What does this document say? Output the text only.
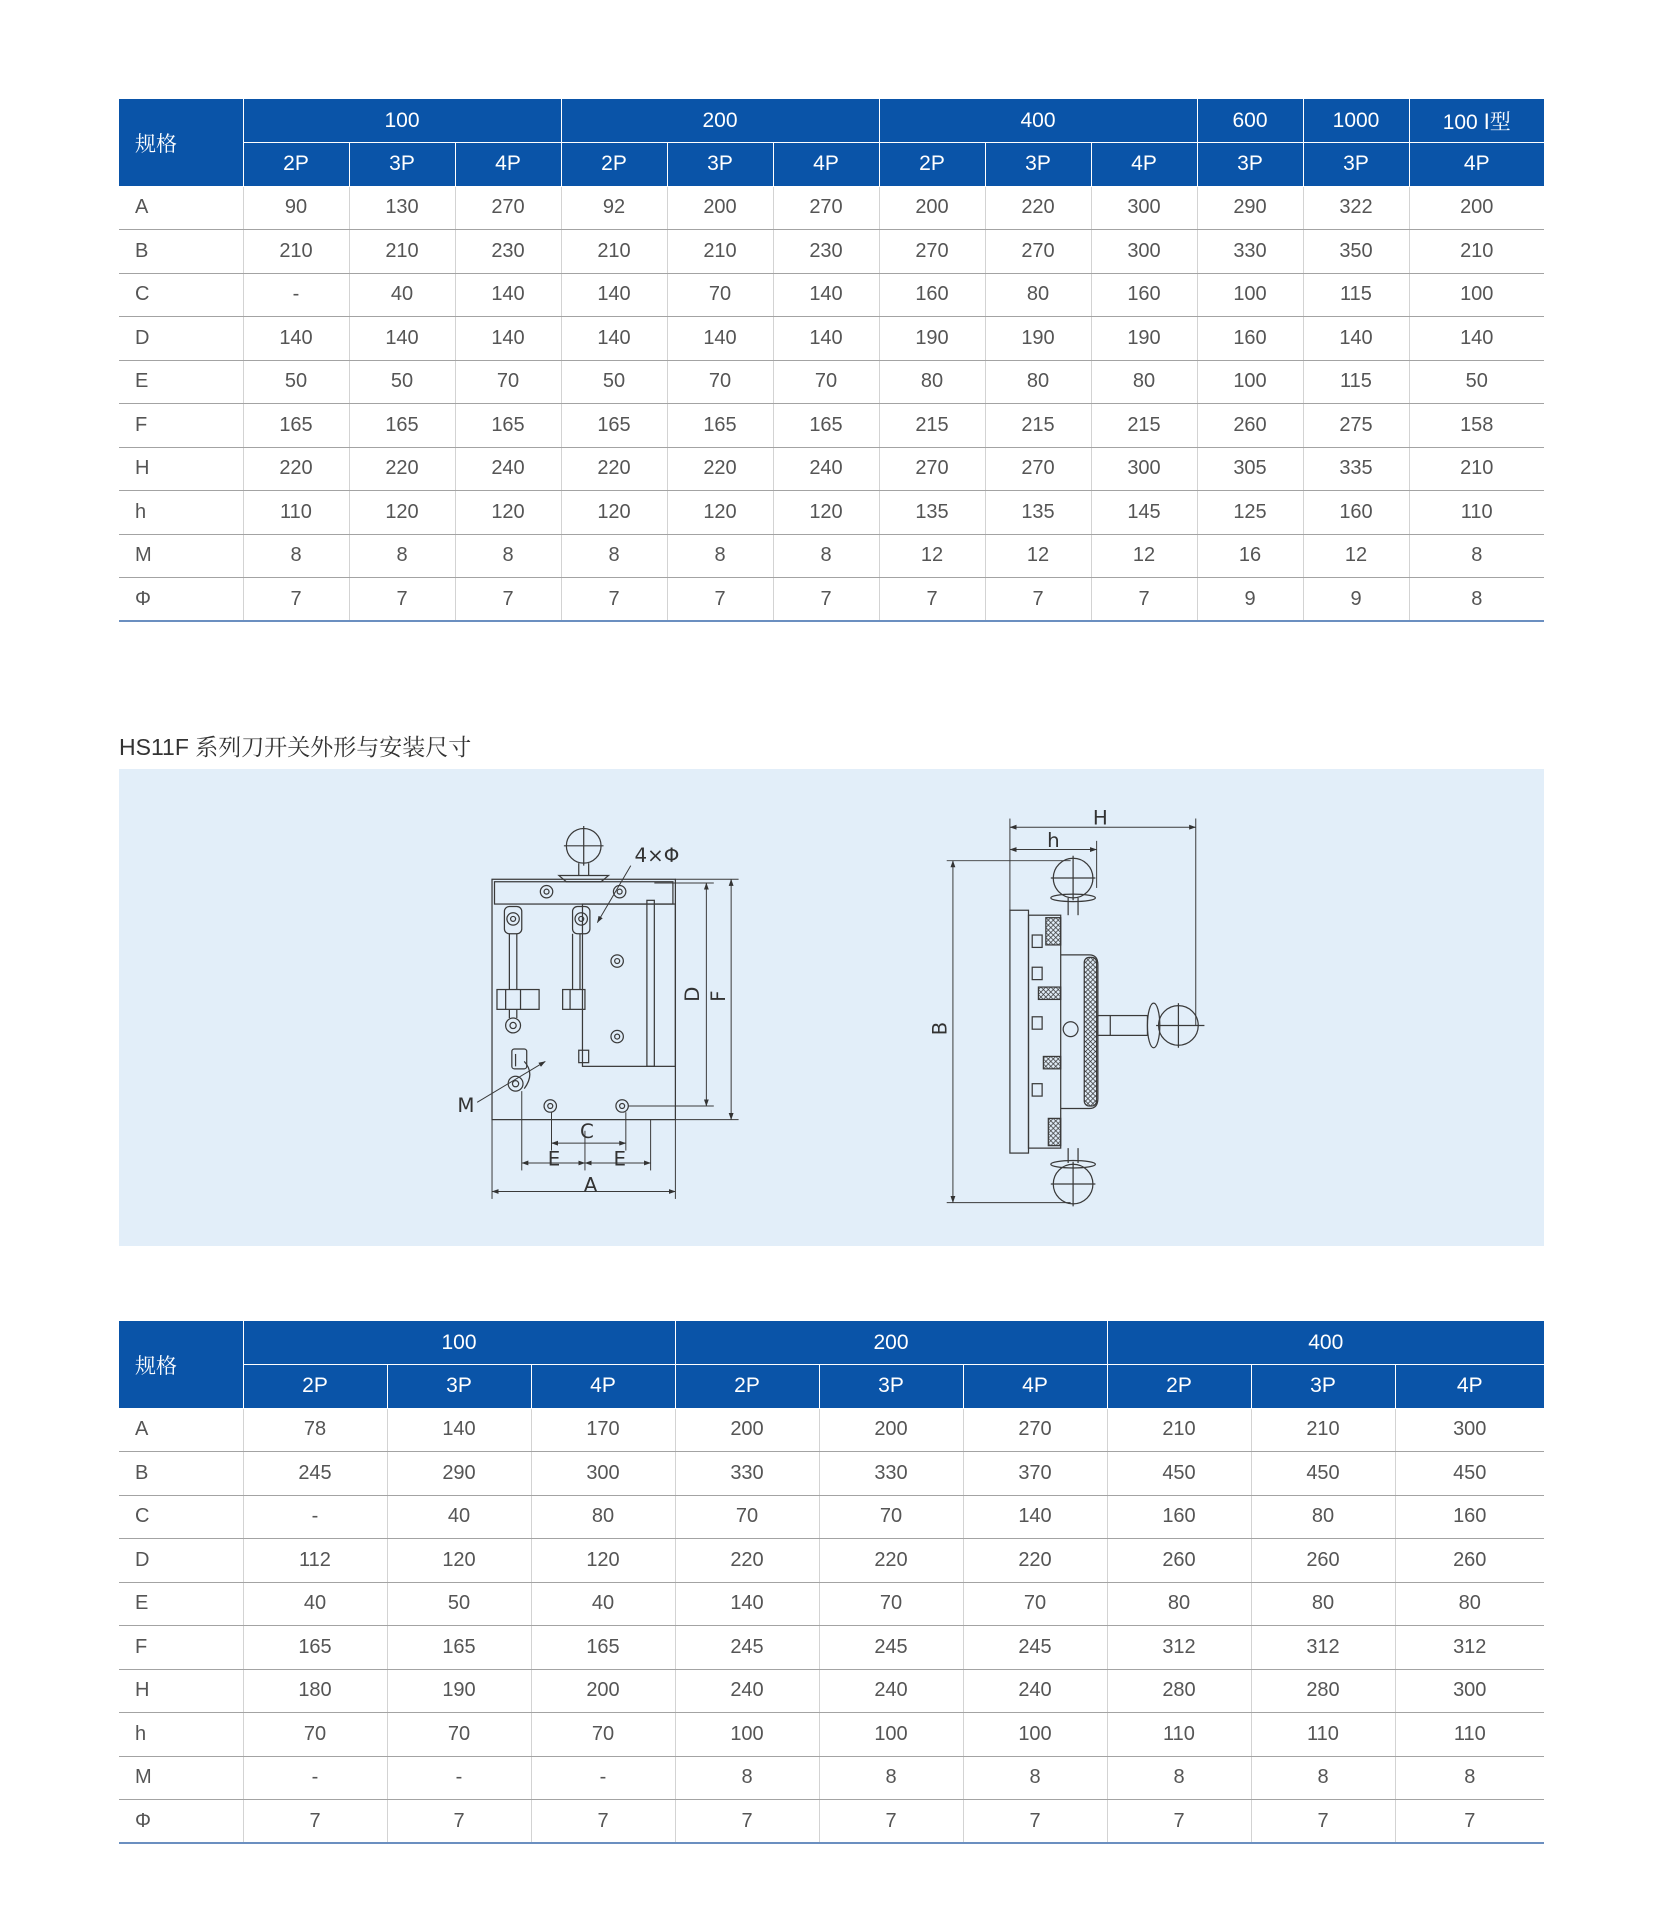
规格	100			200			400			600	1000	100 Ⅰ型
	2P	3P	4P	2P	3P	4P	2P	3P	4P	3P	3P	4P
A	90	130	270	92	200	270	200	220	300	290	322	200
B	210	210	230	210	210	230	270	270	300	330	350	210
C	-	40	140	140	70	140	160	80	160	100	115	100
D	140	140	140	140	140	140	190	190	190	160	140	140
E	50	50	70	50	70	70	80	80	80	100	115	50
F	165	165	165	165	165	165	215	215	215	260	275	158
H	220	220	240	220	220	240	270	270	300	305	335	210
h	110	120	120	120	120	120	135	135	145	125	160	110
M	8	8	8	8	8	8	12	12	12	16	12	8
Φ	7	7	7	7	7	7	7	7	7	9	9	8
HS11F 系列刀开关外形与安装尺寸
4×Φ
D F
M
C
E	E
A
H
h
B
规格	100			200			400		
	2P	3P	4P	2P	3P	4P	2P	3P	4P
A	78	140	170	200	200	270	210	210	300
B	245	290	300	330	330	370	450	450	450
C	-	40	80	70	70	140	160	80	160
D	112	120	120	220	220	220	260	260	260
E	40	50	40	140	70	70	80	80	80
F	165	165	165	245	245	245	312	312	312
H	180	190	200	240	240	240	280	280	300
h	70	70	70	100	100	100	110	110	110
M	-	-	-	8	8	8	8	8	8
Φ	7	7	7	7	7	7	7	7	7
